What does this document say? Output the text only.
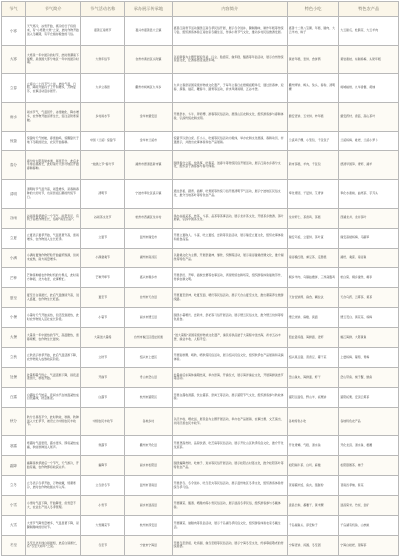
节气	节气简介	节气活动名称	承办展示传承地	内容简介	特色小吃	特色农产品
小寒	天气寒冷，冰雪开始，极冷的日子将到来，有“小寒胜大寒”之说，此时作物开始进入冬藏期，有平仓储存粮食的习俗。	嘉善江南寒节	嘉兴市嘉善县大云镇	嘉善江南寒节活动围绕江南冬季民俗开展，展示冬令进补、腌制腊味、制作年糕等传统习俗，组织游客体验江南农家冬藏生活，传承小寒节气文化，推动乡村民俗旅游发展。	嘉善十二寒八宝粥、年糕、腊肉、大云羊肉、粽子	大云甜瓜、杜鹃花、大云羊肉
大寒	大寒是一年中最冷的时节，此时寒潮南下频繁，是我国大部分地区一年中的最冷时期。	大寒年俗节	台州市黄岩区头陀镇	以迎新春为主题开展迎年货、扫尘、贴窗花、做年糕、酿酒等年俗活动，展示台州传统民俗文化，让游客感受浓浓年味。	黄岩年糕、麦饼、食饼筒	黄岩蜜桔、东魁杨梅、头陀年糕
立春	立春为二十四节气之首，此时气温、日照、降雨开始趋于上升和增多，万物复苏，农事活动逐步展开。	九华立春祭	衢州市柯城区九华乡	九华立春祭是国家级非物质文化遗产，于每年立春日在梧桐祖殿举行，通过祭春神、迎春、探春、插花、鞭春牛、踏青等活动，祈求风调雨顺、五谷丰登。	衢州烤饼、鸭头、兔头、春卷、清明粿	柯城椪柑、九华香榧、胡柚
雨水	雨水节气，气温回升、冰雪融化、降水增多，农作物开始返青生长，需注意防寒保暖。	乡村雨水节	金华市磐安县	开展祭水、斗牛、拜师傅、游春等民俗活动，展现山区农耕文化，组织游客参与春耕体验，弘扬传统农耕文明。	磐安麦饼、玉米饼、炒年糕	磐安药材、香菇、高山茶叶
惊蛰	惊蛰时天气转暖，春雷始鸣，惊醒蛰伏于地下冬眠的昆虫，农民开始春耕。	中国（兰溪）惊蛰节	金华市兰溪市	惊蛰节以祭白虎、打小人、吃梨等民俗活动为载体，举办农耕文化展演、春耕动员、非遗展示，并推出农事体验和农产品展销。	兰溪鸡子粿、小笼包、千张包子	兰溪杨梅、枇杷、兰溪小萝卜
春分	春分时太阳直射赤道，昼夜平分，此后北半球白昼渐长，此时南方大部分地区开始春耕春种。	“放鹞之节”春分节	湖州市德清县新市镇	围绕春分立蛋、放风筝、吃春菜、送春牛等传统民俗开展活动，展示江南水乡春分文化，组织亲子游客参与春分体验。	新市茶糕、羊肉、千张包	德清早园笋、青虾、湖羊
清明	清明时节气温升高，雨量增多，是春耕春种的大好时节，也是祭祖扫墓的传统节日。	清明节	宁波市奉化区溪口镇	通过祭祖、踏青、插柳、吃青团等传统习俗开展清明节气活动，展示宁波地区民俗文化，推介当地茶叶等特色农产品。	奉化青团、千层饼、艾青饼	奉化水蜜桃、曲毫茶、芋艿头
谷雨	谷雨是春季最后一个节气，雨量充足，有利于谷类作物生长，俗称“雨生百谷”。	谷雨茶文化节	杭州市西湖区龙井村	举办谷雨采茶、炒茶、斗茶、品茶等茶事活动，展示龙井茶文化，开展茶乡旅游、茶叶展销，弘扬中国茶文化。	龙井虾仁、茶香鸡、茶糕	西湖龙井、龙井茶叶
立夏	立夏表示夏季开始，气温显著升高，雷雨增多，农作物进入生长旺季。	立夏节	温州市瑞安市	开展立夏称人、斗蛋、吃立夏饭、尝新等民俗活动，展示瑞安立夏文化，组织农事体验和美食品鉴。	瑞安乌饭、立夏饼、茶叶蛋	瑞安高楼杨梅、马蹄笋
小满	小满时夏熟作物籽粒开始灌浆饱满，但尚未成熟，南方雨量增多。	小满蚕桑节	湖州市南浔区	以蚕桑文化为主题，开展祭蚕神、缫丝、织绸等活动，展示南浔蚕桑丝绸文化，推介湖丝等特色产品。	南浔橘红糕、熏豆茶、定胜糕	湖丝、桑葚、南浔鱼
芒种	芒种是种植农作物时机的分界点，此时南方种稻，北方收麦，农事繁忙。	芒种开犁节	嘉兴市桐乡市	开展祭田、开犁、插秧比赛等农事活动，再现传统农耕场景，组织游客体验插秧劳作，传承农耕文明。	桐乡羊肉、乌镇姑嫂饼、三珍斋酱鸡	杭白菊、桐乡蚕丝、槜李
夏至	夏至日白昼最长，此后气温继续升高，进入盛夏，农作物生长旺盛。	夏至节	台州市天台县	开展夏至祭神、吃夏至面、晒伏等民俗活动，展示天台山夏至文化，推出避暑养生旅游线路。	天台饺饼筒、扁食、糊拉汰	天台乌药、云雾茶、黄茶
小暑	小暑时天气开始炎热，但还没到最热，此时农作物进入茁壮成长阶段。	小暑节	丽水市缙云县	围绕小暑晒伏、尝新米、祭祀等习俗开展活动，展示缙云民俗文化，推介缙云烧饼等特色美食。	缙云烧饼、麻糍、爽面	缙云茭白、黄花菜、杨梅
大暑	大暑是一年中最热的节气，高温酷热，雷暴频繁，农作物生长最快。	大暑送大暑船	台州市椒江区葭沚街道	“送大暑船”是国家级非物质文化遗产，渔民将供品装于大暑船中送出海，祈求五谷丰登、渔业丰收、人船平安。	葭沚姜汤面、海鲜面、麦虾	椒江海鲜、大陈黄鱼
立秋	立秋表示秋季开始，此后气温逐渐下降，农作物进入成熟收获阶段。	立秋节	绍兴市上虞区	开展贴秋膘、啃秋、晒秋等民俗活动，展示绍兴民俗文化，组织秋季农产品展销和采摘体验。	绍兴臭豆腐、茴香豆、霉干菜	上虞杨梅、葡萄、青梅
处暑	处暑即暑气终止，气温逐渐下降，昼夜温差加大，秋收开始。	开渔节	舟山市岱山县	处暑前后东海休渔期结束，举办祭海、开渔仪式，展示海洋渔业文化，开展海鲜美食节等活动。	岱山鱼丸、海鲜面、虾干	岱山带鱼、梭子蟹、鱿鱼
白露	白露时天气转凉，夜间水汽在地面凝结成白色露珠，秋意渐浓。	白露节	杭州市富阳区	开展白露收清露、饮白露茶、祭禹王等活动，展示富阳节气文化，组织游客参与秋收体验。	富阳豆腐包、野山羊、板栗饼	富阳板栗、安顶云雾茶
秋分	秋分日昼夜平分，此时秋收、秋耕、秋种进入大忙季节，被设立为中国农民丰收节。	中国农民丰收节	各地乡村	以庆丰收、晒农货、展民俗为主题开展活动，举办农产品展销、农事比赛、文艺演出，共同庆祝农民丰收节。	各地特色小吃	各地特色农产品
寒露	寒露时气温更低，露水更多，即将凝结成霜，秋收秋种进入尾声。	寒露节	衢州市开化县	开展登高赏秋、品菊饮酒、吃芝麻等民俗活动，展示开化山区秋季民俗文化，推介开化龙顶茶。	开化青蛳、气糕、清水鱼	开化龙顶、清水鱼、根雕
霜降	霜降是秋季最后一个节气，天气渐冷，开始有霜，农作物即将收获完毕。	霜降节	丽水市松阳县	围绕霜降赏秋、吃柿子、进补等民俗开展活动，展示松阳古村落文化，推介松阳茶叶等特色农产品。	松阳端午茶、白切、麻糍	松阳银猴茶、柿子
立冬	立冬表示冬季开始，万物收藏，规避寒冷，此时农作物收割完毕入库。	立冬祭冬节	温州市苍南县	开展祭冬、冬令进补、吃冬至丸等民俗活动，展示温州地区冬季文化，组织游客体验传统冬季习俗。	苍南糯米饭、鱼丸、猪脏粉	苍南四季柚、紫菜
小雪	小雪时气温下降，开始降雪，但雪量不大，农业生产进入冬季管理。	小雪节	丽水市遂昌县	开展腌菜、酿酒、晒腊肉等小雪民俗活动，展示遂昌冬季民俗，组织游客参与冬藏体验。	遂昌长粽、番薯干、黄米粿	遂昌菊米、竹炭、金矿
大雪	大雪节气降雪量增多，气温显著下降，是腌制腊味的好时节。	大雪腌菜节	杭州市淳安县	开展腌菜、做腊肉等民俗活动，展示千岛湖冬季民俗文化，组织游客体验农家冬藏生活。	千岛湖鱼头、淳安粽子	千岛湖有机鱼、山核桃
冬至	冬至日北半球白昼最短，此后白昼渐长，有“冬至大如年”之说。	冬至节	宁波市宁海县	开展冬至祭祖、吃汤圆、做冬至糕等民俗活动，展示宁海冬至文化，传承尊祖敬老的传统美德。	宁海麦饼、汤圆、冬至团	宁海白枇杷、望海茶
